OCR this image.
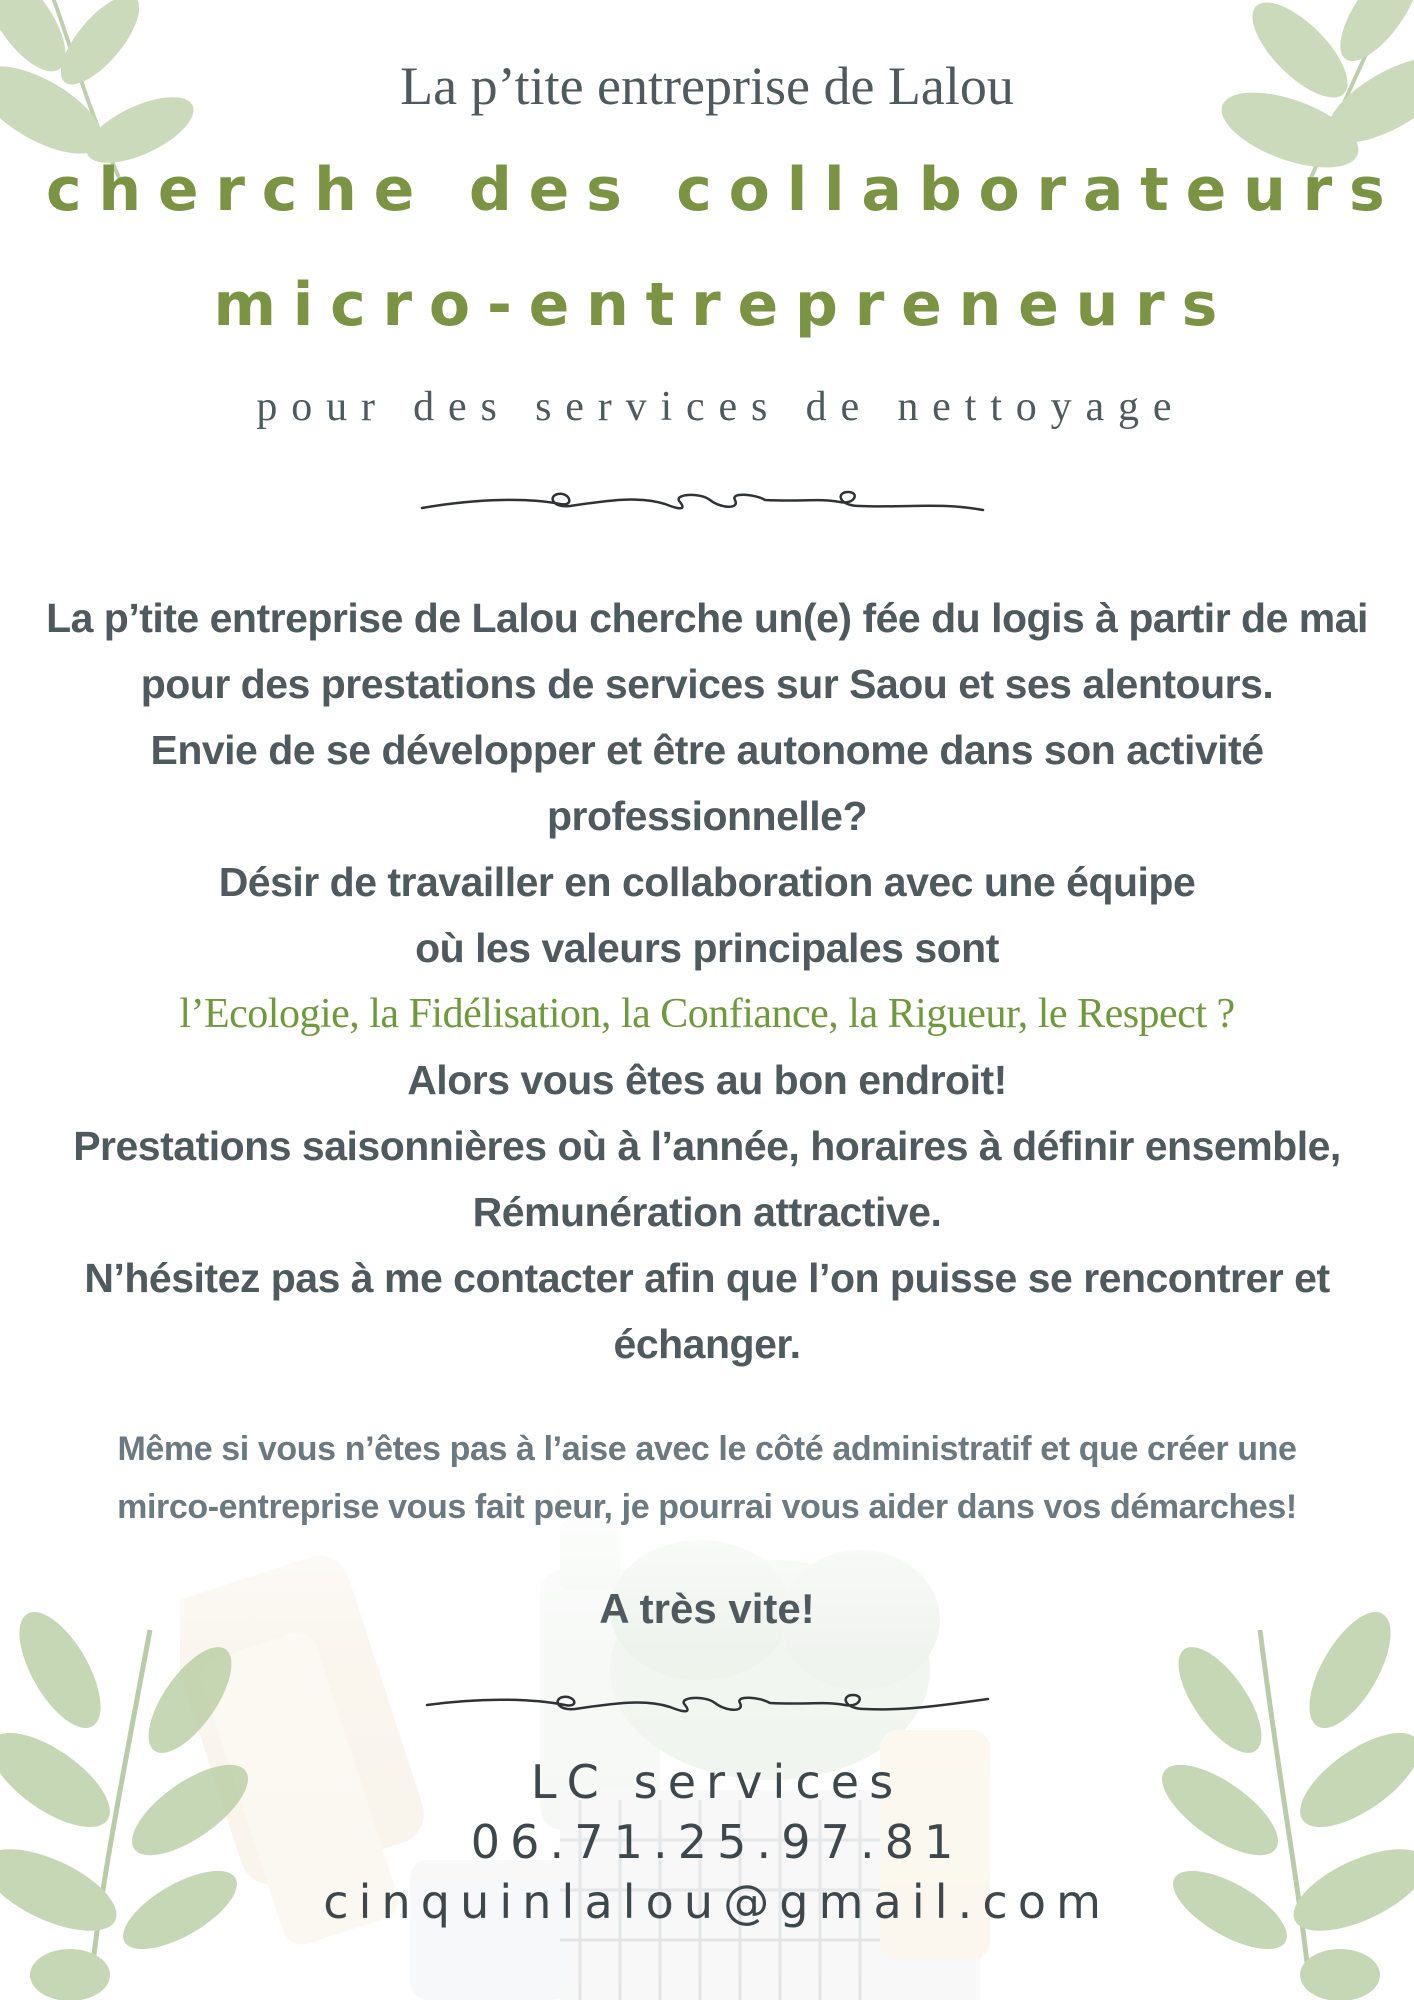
La p’tite entreprise de Lalou
cherche des collaborateurs
micro-entrepreneurs
pour des services de nettoyage
La p’tite entreprise de Lalou cherche un(e) fée du logis à partir de mai
pour des prestations de services sur Saou et ses alentours.
Envie de se développer et être autonome dans son activité
professionnelle?
Désir de travailler en collaboration avec une équipe
où les valeurs principales sont
l’Ecologie, la Fidélisation, la Confiance, la Rigueur, le Respect ?
Alors vous êtes au bon endroit!
Prestations saisonnières où à l’année, horaires à définir ensemble,
Rémunération attractive.
N’hésitez pas à me contacter afin que l’on puisse se rencontrer et
échanger.
Même si vous n’êtes pas à l’aise avec le côté administratif et que créer une
mirco-entreprise vous fait peur, je pourrai vous aider dans vos démarches!
A très vite!
LC services
06.71.25.97.81
cinquinlalou@gmail.com
